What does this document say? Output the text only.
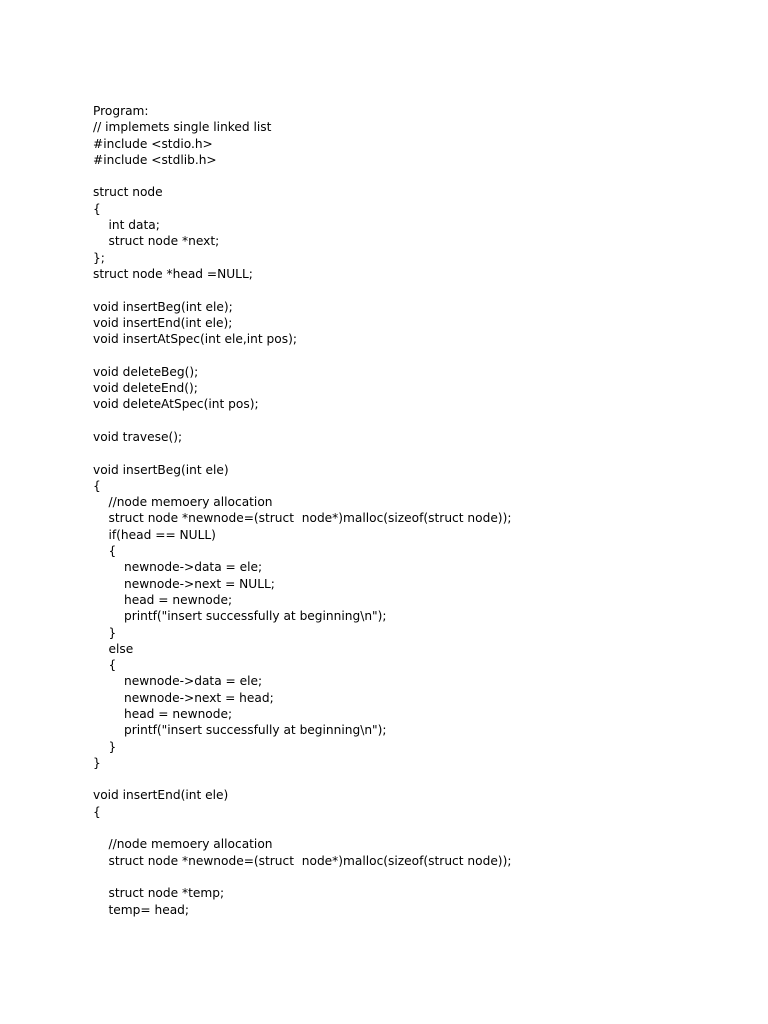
Program:
// implemets single linked list
#include <stdio.h>
#include <stdlib.h>
struct node
{
int data;
struct node *next;
};
struct node *head =NULL;
void insertBeg(int ele);
void insertEnd(int ele);
void insertAtSpec(int ele,int pos);
void deleteBeg();
void deleteEnd();
void deleteAtSpec(int pos);
void travese();
void insertBeg(int ele)
{
//node memoery allocation
struct node *newnode=(struct  node*)malloc(sizeof(struct node));
if(head == NULL)
{
newnode->data = ele;
newnode->next = NULL;
head = newnode;
printf("insert successfully at beginning\n");
}
else
{
newnode->data = ele;
newnode->next = head;
head = newnode;
printf("insert successfully at beginning\n");
}
}
void insertEnd(int ele)
{
//node memoery allocation
struct node *newnode=(struct  node*)malloc(sizeof(struct node));
struct node *temp;
temp= head;
